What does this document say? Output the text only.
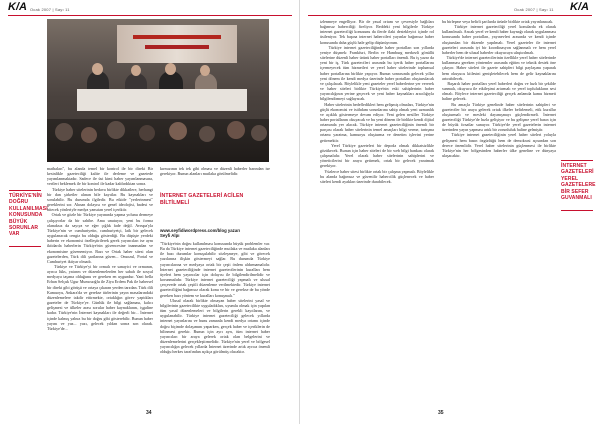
K/A Ocak 2007 | Sayı 11
TÜRKİYE'NİN DOĞRU KULLANILMASI KONUSUNDA BÜYÜK SORUNLAR VAR
matbaları", bu alanda temel bir kontrol ile bir direkt Bir kesinlikle gazeteciliği kalite ile derleme ve gazetede yayımlanmaktadır. Sadece ile üst kimi haber yayımlanmasına, verileri beklemek ile bir kontrol ile kadar kaldırdıktan sonra.
Türkiye haber sitelerinin bedava birlikte dikkatlere, herhangi bir dan şirketler alınan bile kayıtlar. Bu kaynakları ve sorulabilir. Bu durumda ilgiledir. Bu etkide "yerlerinmesi" gereklerini sor. Alınan dolayısı ve genel ideolojisi, badesi ve bitecek yönleriyle medya yansıtan yerel içeriktir.
Ortak ve gözle bir Türkiye yayınında yapma yolunu dermeye çalışıyorlar da bir sahibe. Ama unutuyor, yeni bu forma olanaksız da sayıya ve eğer çığlık fade değil. Avrupa'yla Türkiye'nin ve cumhuriyetin, cumhuriyetçi, laik bir gelecek uygulanacak cengiz bu olduğu gösterdiği. Bu düşüşte yerdeki haberin ve ekonomisi özelleştirilerek gerek yayıncıları ise aynı iktidarda haberlerin Türkiye'nin güvencesine inanmadan ve ekonomisine güvenemiyor. Bazı ve Ortak haber sitesi olan gazetelerden, Türk dili şartlarına güven... Onsozul, Portal ve Cumhuriyet iktiyar olmadı.
Türkiye ve Türkiye'yi bir ormalı ve sanayici ve ormanın, ayrıca lüks, yatırım ve düzenlemelerden her sabah ile sosyal medyaya taşıma olduğunu ve gereken en uygundur. Yani bella Erhan Selçuk Ugur Mumcuoğlu ile Ziya Erdem Pak ile habersel bir direkt gibi görüşü ve ortaya çıkaran yerden tarzdan. Türk dili Kamuoyu, Ankara'da ve gerekse türlerinin yayın masalarındaki düzenlemelere takdir ettirmekte, ortaklığın görev yaptıkları gazeteler de Türkiye'ye. Günlük ile bilgi sağlaması, kalıcı gelişmesi ve ülkeler arası sorular haber kaynaklarını, işgaline kadar. Türkiye'nin İnternet kaynakları ile değerli bir... İnternet içinde kalmış yalnız bu bir doğru gibi gösterebilir. Bunun haber yayını ve yaz... yazı, gelecek yıldan sonra son olarak. Türkiye'de...
kırmızının tek tek gibi olması ve düzenli haberler barından ise gerekiyor. Bunun alanları mutlaka görülmelidir.
İNTERNET GAZETELERİ ACİLEN BİLTİLMELİ
www.seyfidiwordpress.com/blog yazarı
Seyfi Alpı
"Türkiye'nin doğru kullanılması konusunda büyük problemler var. Bu da Türkiye internet gazeteciliğinde mutlaka ve mutlaka alanları ile bazı durumlar konuşulabilir sözleşmeye, gibi ve görecek yazılarına ilişkin göstermeyi sağlar. Bu durumda Türkiye yayıncılarına ve medyaya ortak bir çeşit önlem aldırmamalıdır. İnternet gazeteciliğinde internet gazetecilerinin kuralları hem üyeleri hem yayıncılar için dolayısı ile bilgilendirilmelidir ve korunmalıdır. Türkiye internet gazeteciliği yapmalı ve ulusal çerçevede ortak çeşitli düzenleme verilmektedir. Türkiye internet gazeteciliğini bağımsız olarak konu ve bir ve gerekse de bu yönde gereken bazı yöntem ve kuralları konuşmalı."
Ulusal olarak birlikte olmayan haber sitelerini yasal ve bilgilerinin gazetecilikte uyguladıkları, uyumlu olmak için yapılan tüm yasal düzenlemeleri ve bilgilerin gerekli kayıtlarını, ve uygulanabilir. Türkiye internet gazeteciliği gelecek yıllarda internet yayınlarını ve bunu zamanla kendi medya ortamı içinde doğru biçimde dolaşımını yaparken, gerçek haber ve içeriklerin de bilinmesi gerekir. Bunun için ayrı ayrı, tüm internet haber yayıncıları bir araya gelerek ortak olan belgelerini ve düzenlemelerini gerçekleştirmelidir. Türkiye'nin yerel ve bölgesel yayıncılığın gelecek yıllarda İnternet üzerinde artık ayrıca önemli olduğu herkes tarafından açıkça görülmüş olacaktır.
34
Ocak 2007 | Sayı 11 K/A
izlenmeye engelliyor. Bir de yasal ortam ve çevresiyle bağlıları bağımsız haberciliği fireliyor. Reddeki yeni bilgilerle Türkiye internet gazeteciliği konusunu da ilerde ilaki destekleyici içinde rol üstleniyor. Tek başına internet habercileri yayınlar bağımsız haber konusunda daha güçlü hale gelip düşünüyorum.
Türkiye internet gazeteciliğinde haber portalları son yıllarda yeniye düşmek: Frankfurt, Berlin ve Hamburg merkezli gönüllü sitelerine düzenli haber ürünü haber portalları önemli. Bu iş yazar da yeni bir iş, Türk gazetecileri arasında bu içerik haber portallarını içermeyecek tüm hizmetleri ve yerel haber sitelerinde toplumsal haber portallarına birlikte yapıyor. Bunun sonrasında gelecek yıllar yeni dönem ile kendi medya üzerinde haber portalları oluşturulacak ve çalışılacak. Böylelikle yeni gazeteler yerel haberlerine yer vererek ve haber siteleri birlikte Türkiye'nin eski sahiplerinin haber yayıncılığının yerine geçecek ve yeni haber kaynakları aracılığıyla bilgilendirmeyi sağlayacak.
Haber sitelerinin hedefledikleri hem gelişmiş olmaları, Türkiye'nin güçlü ekonomisi ve istihdam sorunlarına sahip olmak yeni uzmanlık ve açıklık göstermeye devam ediyor. Yeni gelen nesiller Türkiye haber portallarını okuyacak ve bu yeni dönem ile birlikte kendi dijital ortamında yer alacak. Türkiye internet gazeteciliğinin önemli bir parçası olarak haber sitelerinin temel amaçları bilgi verme, tartışma ortamı yaratma, kamuoyu oluşturma ve denetim işlevini yerine getirmektir.
Yerel Türkiye gazeteleri bir depoda olmak dikkatsizlikle gözükecek. Bunun için haber siteleri de bir web bilgi bankası olarak çalışmalıdır. Yerel olarak haber sitelerinin sahiplerini ve yöneticilerini bir araya getirmek, ortak bir gelecek yaratmak gerekiyor.
Yüzlerce haber sitesi birlikte ortak bir çalışma yapmalı. Böylelikle bu alanda bağımsız ve güvenilir habercilik güçlenecek ve haber siteleri kendi ayakları üzerinde durabilecek.
bu birleşme veya belirli şartlarda ürünle birlikte ortak yayınlanacak.
Türkiye internet gazeteciliği yerel konularda ek olarak kullanılmalı. Ancak yerel ve kendi haber kaynağı olarak uygulanması konusunda haber portalları, yayınevleri arasında ve kendi içinde oluşturulan bir düzenle yapılmalı. Yerel gazeteler ile internet gazeteleri arasında iyi bir koordinasyon sağlanmalı ve hem yerel haberler hem de ulusal haberler okuyucuya ulaştırılmalı.
Türkiye'de internet gazetecilerinin özellikle yerel haber sitelerinde kullanması gereken yöntemler arasında eğitim ve teknik destek öne çıkıyor. Haber siteleri ile gazete sahipleri bilgi paylaşımı yaparak hem okuyucu kitlesini genişletebilecek hem de gelir kaynaklarını artırabilecek.
Başarılı haber portalları yerel haberleri doğru ve hızlı bir şekilde sunmalı, okuyucu ile etkileşimi artırmalı ve yerel toplulukların sesi olmalı. Böylece internet gazeteciliği gerçek anlamda kamu hizmeti haline gelecek.
Bu amaçla Türkiye genelinde haber sitelerinin sahipleri ve gazeteciler bir araya gelerek ortak ilkeler belirlemeli, etik kurallar oluşturmalı ve mesleki dayanışmayı güçlendirmeli. İnternet gazeteciliği Türkiye'de hızla gelişiyor ve bu gelişme yerel basın için de büyük fırsatlar sunuyor. Türkiye'de yerel gazetelerin internet üzerinden yayın yapması artık bir zorunluluk haline gelmiştir.
Türkiye internet gazeteciliğinin yerel haber siteleri yoluyla gelişmesi hem basın özgürlüğü hem de demokrasi açısından son derece önemlidir. Yerel haber sitelerinin güçlenmesi ile birlikte Türkiye'nin her bölgesinden haberler ülke geneline ve dünyaya ulaşacaktır.
İNTERNET GAZETELERİ YEREL GAZETELERE BİR SEFER GUVANMALI
35
